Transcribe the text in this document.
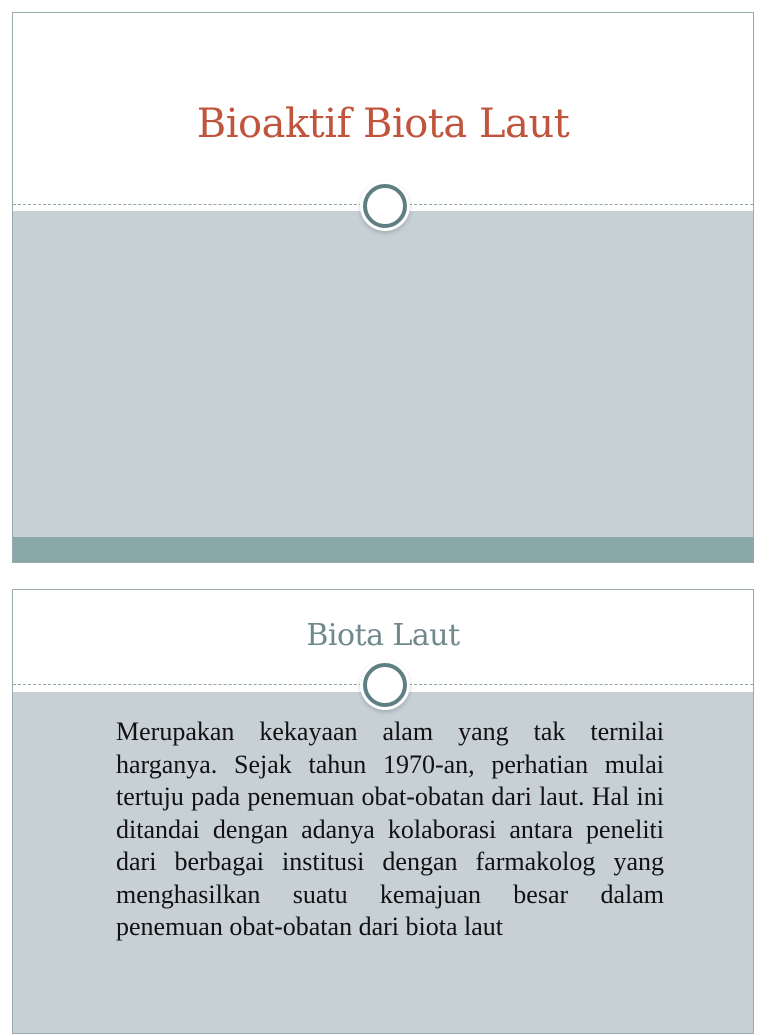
Bioaktif Biota Laut
Biota Laut
Merupakan kekayaan alam yang tak ternilai harganya. Sejak tahun 1970-an, perhatian mulai tertuju pada penemuan obat-obatan dari laut. Hal ini ditandai dengan adanya kolaborasi antara peneliti dari berbagai institusi dengan farmakolog yang menghasilkan suatu kemajuan besar dalam penemuan obat-obatan dari biota laut
